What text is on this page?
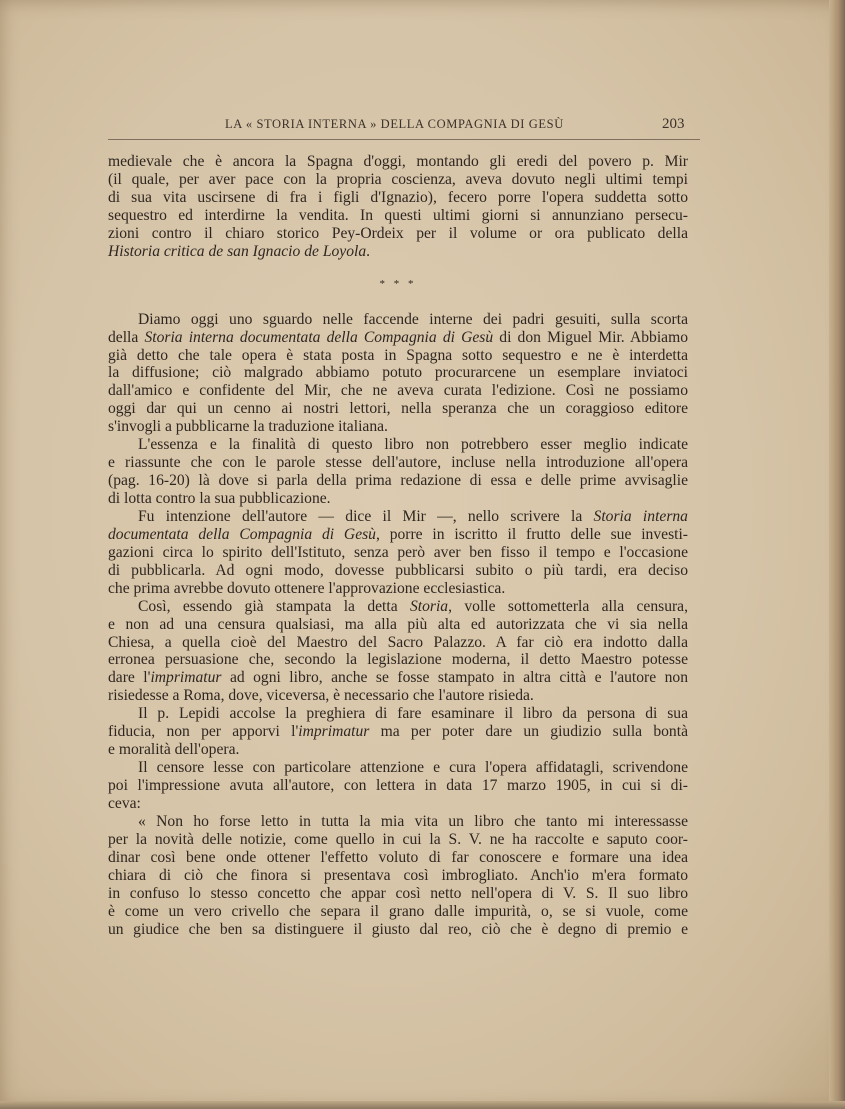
LA « STORIA INTERNA » DELLA COMPAGNIA DI GESÙ	203
medievale che è ancora la Spagna d'oggi, montando gli eredi del povero p. Mir
(il quale, per aver pace con la propria coscienza, aveva dovuto negli ultimi tempi
di sua vita uscirsene di fra i figli d'Ignazio), fecero porre l'opera suddetta sotto
sequestro ed interdirne la vendita. In questi ultimi giorni si annunziano persecu-
zioni contro il chiaro storico Pey-Ordeix per il volume or ora publicato della
Historia critica de san Ignacio de Loyola.
* * *
Diamo oggi uno sguardo nelle faccende interne dei padri gesuiti, sulla scorta
della Storia interna documentata della Compagnia di Gesù di don Miguel Mir. Abbiamo
già detto che tale opera è stata posta in Spagna sotto sequestro e ne è interdetta
la diffusione; ciò malgrado abbiamo potuto procurarcene un esemplare inviatoci
dall'amico e confidente del Mir, che ne aveva curata l'edizione. Così ne possiamo
oggi dar qui un cenno ai nostri lettori, nella speranza che un coraggioso editore
s'invogli a pubblicarne la traduzione italiana.
L'essenza e la finalità di questo libro non potrebbero esser meglio indicate
e riassunte che con le parole stesse dell'autore, incluse nella introduzione all'opera
(pag. 16-20) là dove si parla della prima redazione di essa e delle prime avvisaglie
di lotta contro la sua pubblicazione.
Fu intenzione dell'autore — dice il Mir —, nello scrivere la Storia interna
documentata della Compagnia di Gesù, porre in iscritto il frutto delle sue investi-
gazioni circa lo spirito dell'Istituto, senza però aver ben fisso il tempo e l'occasione
di pubblicarla. Ad ogni modo, dovesse pubblicarsi subito o più tardi, era deciso
che prima avrebbe dovuto ottenere l'approvazione ecclesiastica.
Così, essendo già stampata la detta Storia, volle sottometterla alla censura,
e non ad una censura qualsiasi, ma alla più alta ed autorizzata che vi sia nella
Chiesa, a quella cioè del Maestro del Sacro Palazzo. A far ciò era indotto dalla
erronea persuasione che, secondo la legislazione moderna, il detto Maestro potesse
dare l'imprimatur ad ogni libro, anche se fosse stampato in altra città e l'autore non
risiedesse a Roma, dove, viceversa, è necessario che l'autore risieda.
Il p. Lepidi accolse la preghiera di fare esaminare il libro da persona di sua
fiducia, non per apporvi l'imprimatur ma per poter dare un giudizio sulla bontà
e moralità dell'opera.
Il censore lesse con particolare attenzione e cura l'opera affidatagli, scrivendone
poi l'impressione avuta all'autore, con lettera in data 17 marzo 1905, in cui si di-
ceva:
« Non ho forse letto in tutta la mia vita un libro che tanto mi interessasse
per la novità delle notizie, come quello in cui la S. V. ne ha raccolte e saputo coor-
dinar così bene onde ottener l'effetto voluto di far conoscere e formare una idea
chiara di ciò che finora si presentava così imbrogliato. Anch'io m'era formato
in confuso lo stesso concetto che appar così netto nell'opera di V. S. Il suo libro
è come un vero crivello che separa il grano dalle impurità, o, se si vuole, come
un giudice che ben sa distinguere il giusto dal reo, ciò che è degno di premio e
